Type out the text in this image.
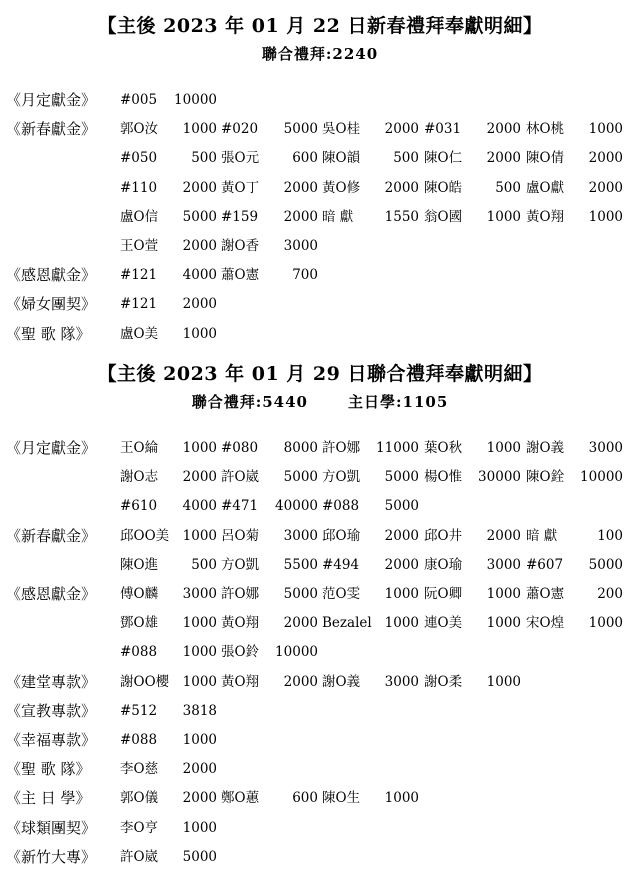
【主後 2023 年 01 月 22 日新春禮拜奉獻明細】
聯合禮拜:2240
《月定獻金》	#005 10000
《新春獻金》	郭O汝 1000 #020 5000 吳O桂 2000 #031 2000 林O桃 1000
#050	500 張O元 600 陳O韻 500 陳O仁 2000 陳O倩 2000
#110 2000 黃O丁 2000 黃O修 2000 陳O皓 500 盧O獻 2000
盧O信 5000 #159 2000 暗 獻 1550 翁O國 1000 黃O翔 1000
王O萱 2000 謝O香 3000
《感恩獻金》	#121 4000 蕭O憲 700
《婦女團契》	#121 2000
《聖 歌 隊》	盧O美 1000
【主後 2023 年 01 月 29 日聯合禮拜奉獻明細】
聯合禮拜:5440	主日學:1105
《月定獻金》	王O綸 1000 #080 8000 許O娜 11000 葉O秋 1000 謝O義 3000
謝O志 2000 許O崴 5000 方O凱 5000 楊O惟 30000 陳O銓 10000
#610 4000 #471 40000 #088 5000
《新春獻金》	邱OO美 1000 呂O菊 3000 邱O瑜 2000 邱O井 2000 暗 獻	100
陳O進 500 方O凱 5500 #494 2000 康O瑜 3000 #607 5000
《感恩獻金》	傅O麟 3000 許O娜 5000 范O雯 1000 阮O卿 1000 蕭O憲 200
鄧O雄 1000 黃O翔 2000 Bezalel 1000 連O美 1000 宋O煌 1000
#088 1000 張O鈴 10000
《建堂專款》	謝OO櫻 1000 黃O翔 2000 謝O義 3000 謝O柔 1000
《宣教專款》	#512 3818
《幸福專款》	#088 1000
《聖 歌 隊》	李O慈 2000
《主 日 學》	郭O儀 2000 鄭O蕙 600 陳O生 1000
《球類團契》	李O亨 1000
《新竹大專》	許O崴 5000
